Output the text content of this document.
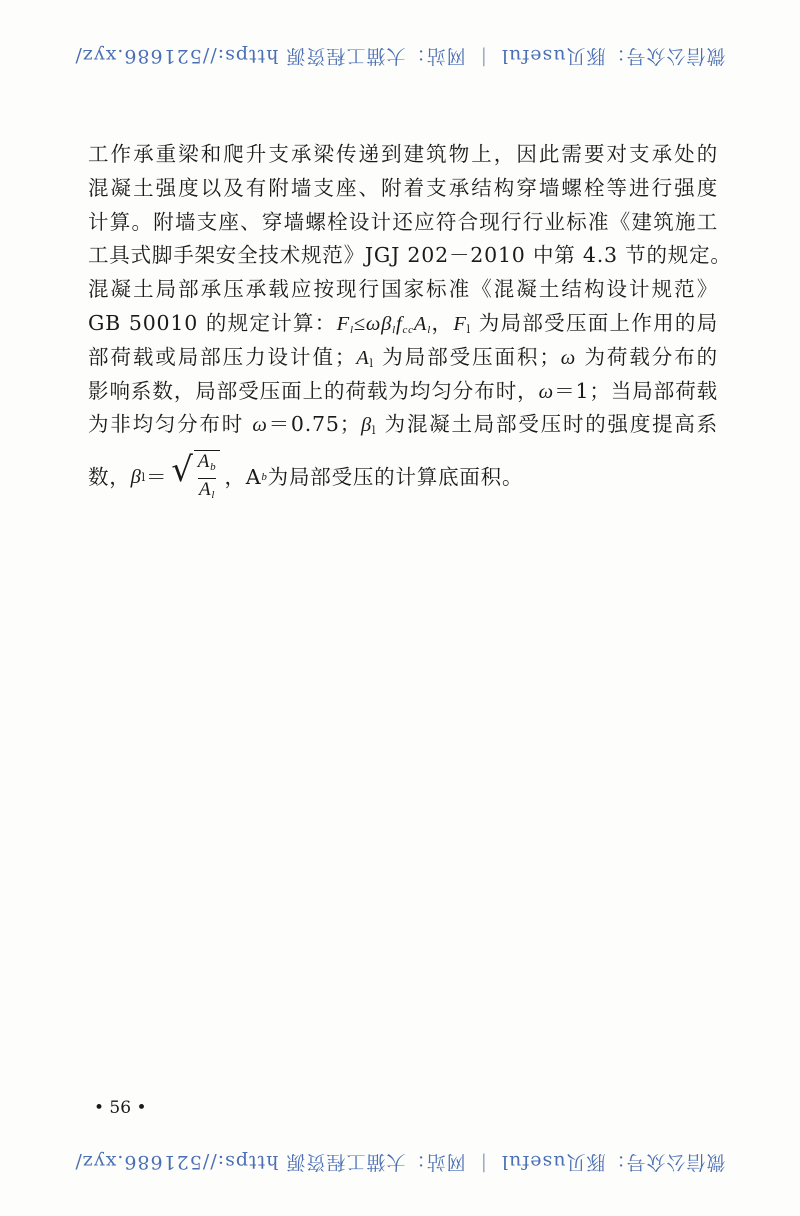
微信公众号：豚贝useful
|
网站：大猫工程资源 https://521686.xyz/
工作承重梁和爬升支承梁传递到建筑物上，因此需要对支承处的
混凝土强度以及有附墙支座、附着支承结构穿墙螺栓等进行强度
计算。附墙支座、穿墙螺栓设计还应符合现行行业标准《建筑施工
工具式脚手架安全技术规范》JGJ 202－2010 中第 4.3 节的规定。
混凝土局部承压承载应按现行国家标准《混凝土结构设计规范》
GB 50010 的规定计算：$F_l\le\omega\beta_lf_{cc}A_l$，$F_l$ 为局部受压面上作用的局
部荷载或局部压力设计值；$A_l$ 为局部受压面积；ω 为荷载分布的
影响系数，局部受压面上的荷载为均匀分布时，ω＝1；当局部荷载
为非均匀分布时 ω＝0.75；$\beta_l$ 为混凝土局部受压时的强度提高系
数， β l ＝ √ $\frac{A_b}{A_l}$ ，A b 为局部受压的计算底面积。
• 56 •
微信公众号：豚贝useful
|
网站：大猫工程资源 https://521686.xyz/
